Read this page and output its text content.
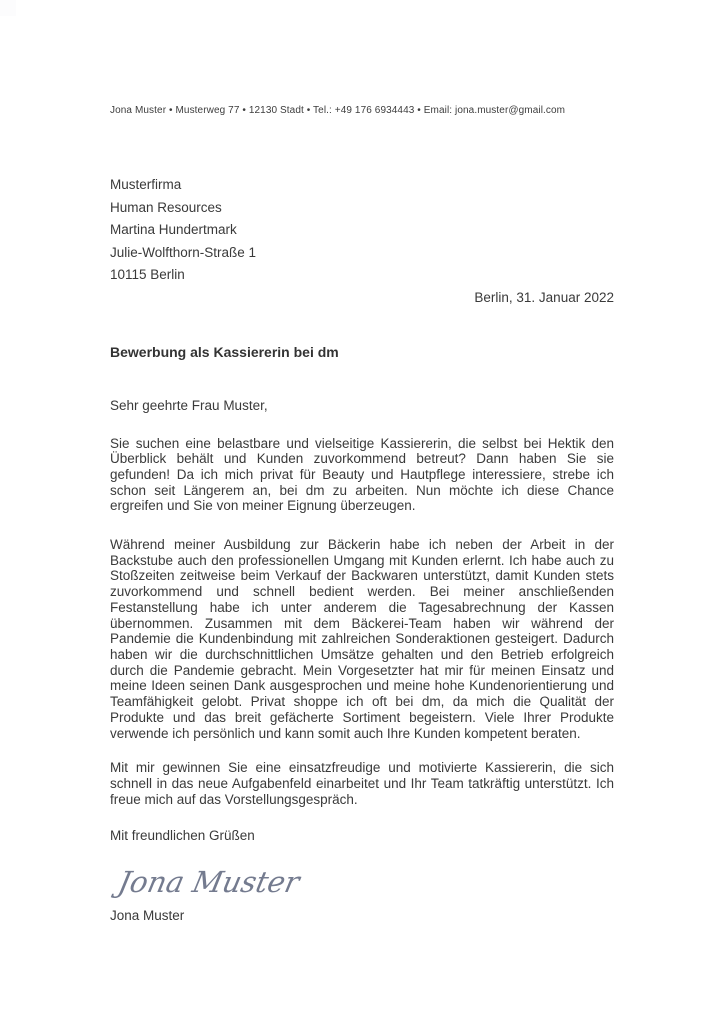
Jona Muster • Musterweg 77 • 12130 Stadt • Tel.: +49 176 6934443 • Email: jona.muster@gmail.com
Musterfirma
Human Resources
Martina Hundertmark
Julie-Wolfthorn-Straße 1
10115 Berlin
Berlin, 31. Januar 2022
Bewerbung als Kassiererin bei dm
Sehr geehrte Frau Muster,

Sie suchen eine belastbare und vielseitige Kassiererin, die selbst bei Hektik den Überblick behält und Kunden zuvorkommend betreut? Dann haben Sie sie gefunden! Da ich mich privat für Beauty und Hautpflege interessiere, strebe ich schon seit Längerem an, bei dm zu arbeiten. Nun möchte ich diese Chance ergreifen und Sie von meiner Eignung überzeugen.

Während meiner Ausbildung zur Bäckerin habe ich neben der Arbeit in der Backstube auch den professionellen Umgang mit Kunden erlernt. Ich habe auch zu Stoßzeiten zeitweise beim Verkauf der Backwaren unterstützt, damit Kunden stets zuvorkommend und schnell bedient werden. Bei meiner anschließenden Festanstellung habe ich unter anderem die Tagesabrechnung der Kassen übernommen. Zusammen mit dem Bäckerei-Team haben wir während der Pandemie die Kundenbindung mit zahlreichen Sonderaktionen gesteigert. Dadurch haben wir die durchschnittlichen Umsätze gehalten und den Betrieb erfolgreich durch die Pandemie gebracht. Mein Vorgesetzter hat mir für meinen Einsatz und meine Ideen seinen Dank ausgesprochen und meine hohe Kundenorientierung und Teamfähigkeit gelobt. Privat shoppe ich oft bei dm, da mich die Qualität der Produkte und das breit gefächerte Sortiment begeistern. Viele Ihrer Produkte verwende ich persönlich und kann somit auch Ihre Kunden kompetent beraten.

Mit mir gewinnen Sie eine einsatzfreudige und motivierte Kassiererin, die sich schnell in das neue Aufgabenfeld einarbeitet und Ihr Team tatkräftig unterstützt. Ich freue mich auf das Vorstellungsgespräch.

Mit freundlichen Grüßen
Jona Muster
Jona Muster
